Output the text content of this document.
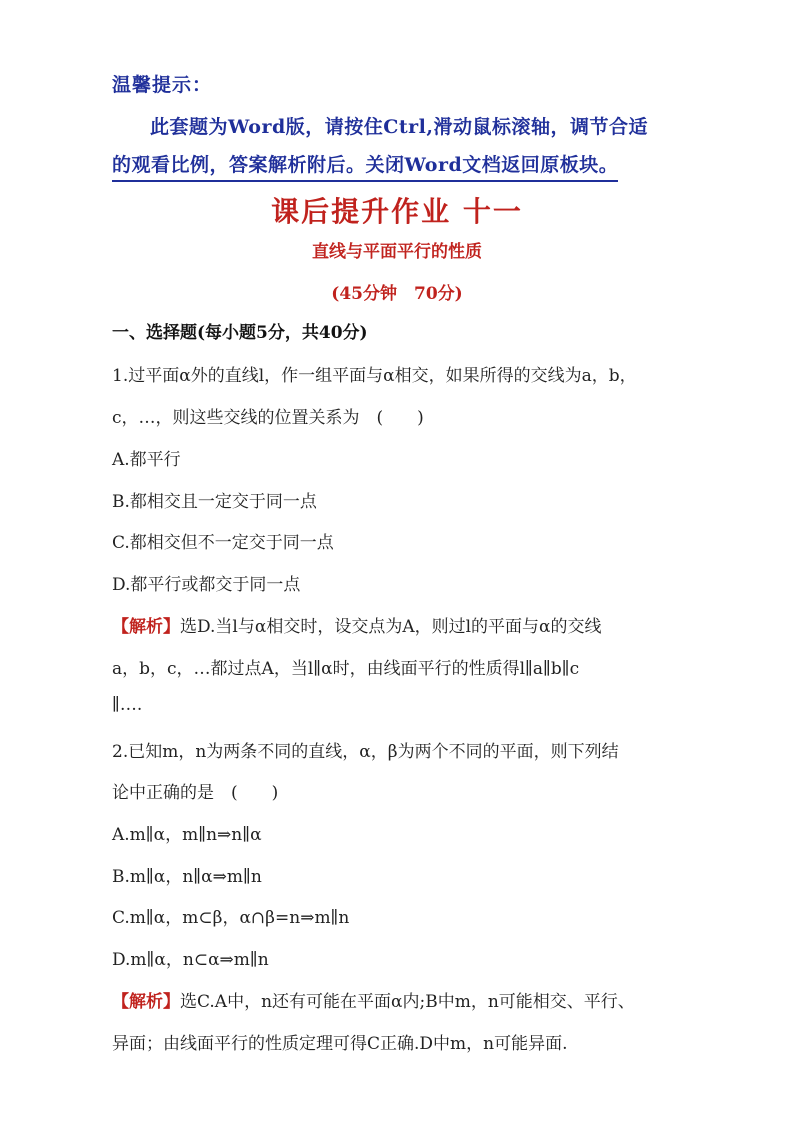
温馨提示：
此套题为Word版，请按住Ctrl,滑动鼠标滚轴，调节合适
的观看比例，答案解析附后。关闭Word文档返回原板块。
课后提升作业 十一
直线与平面平行的性质
(45分钟　70分)
一、选择题(每小题5分，共40分)
1.过平面α外的直线l，作一组平面与α相交，如果所得的交线为a，b，
c，…，则这些交线的位置关系为　(　　)
A.都平行
B.都相交且一定交于同一点
C.都相交但不一定交于同一点
D.都平行或都交于同一点
【解析】选D.当l与α相交时，设交点为A，则过l的平面与α的交线
a，b，c，…都过点A，当l∥α时，由线面平行的性质得l∥a∥b∥c
∥….
2.已知m，n为两条不同的直线，α，β为两个不同的平面，则下列结
论中正确的是　(　　)
A.m∥α，m∥n⇒n∥α
B.m∥α，n∥α⇒m∥n
C.m∥α，m⊂β，α∩β=n⇒m∥n
D.m∥α，n⊂α⇒m∥n
【解析】选C.A中，n还有可能在平面α内;B中m，n可能相交、平行、
异面；由线面平行的性质定理可得C正确.D中m，n可能异面.
